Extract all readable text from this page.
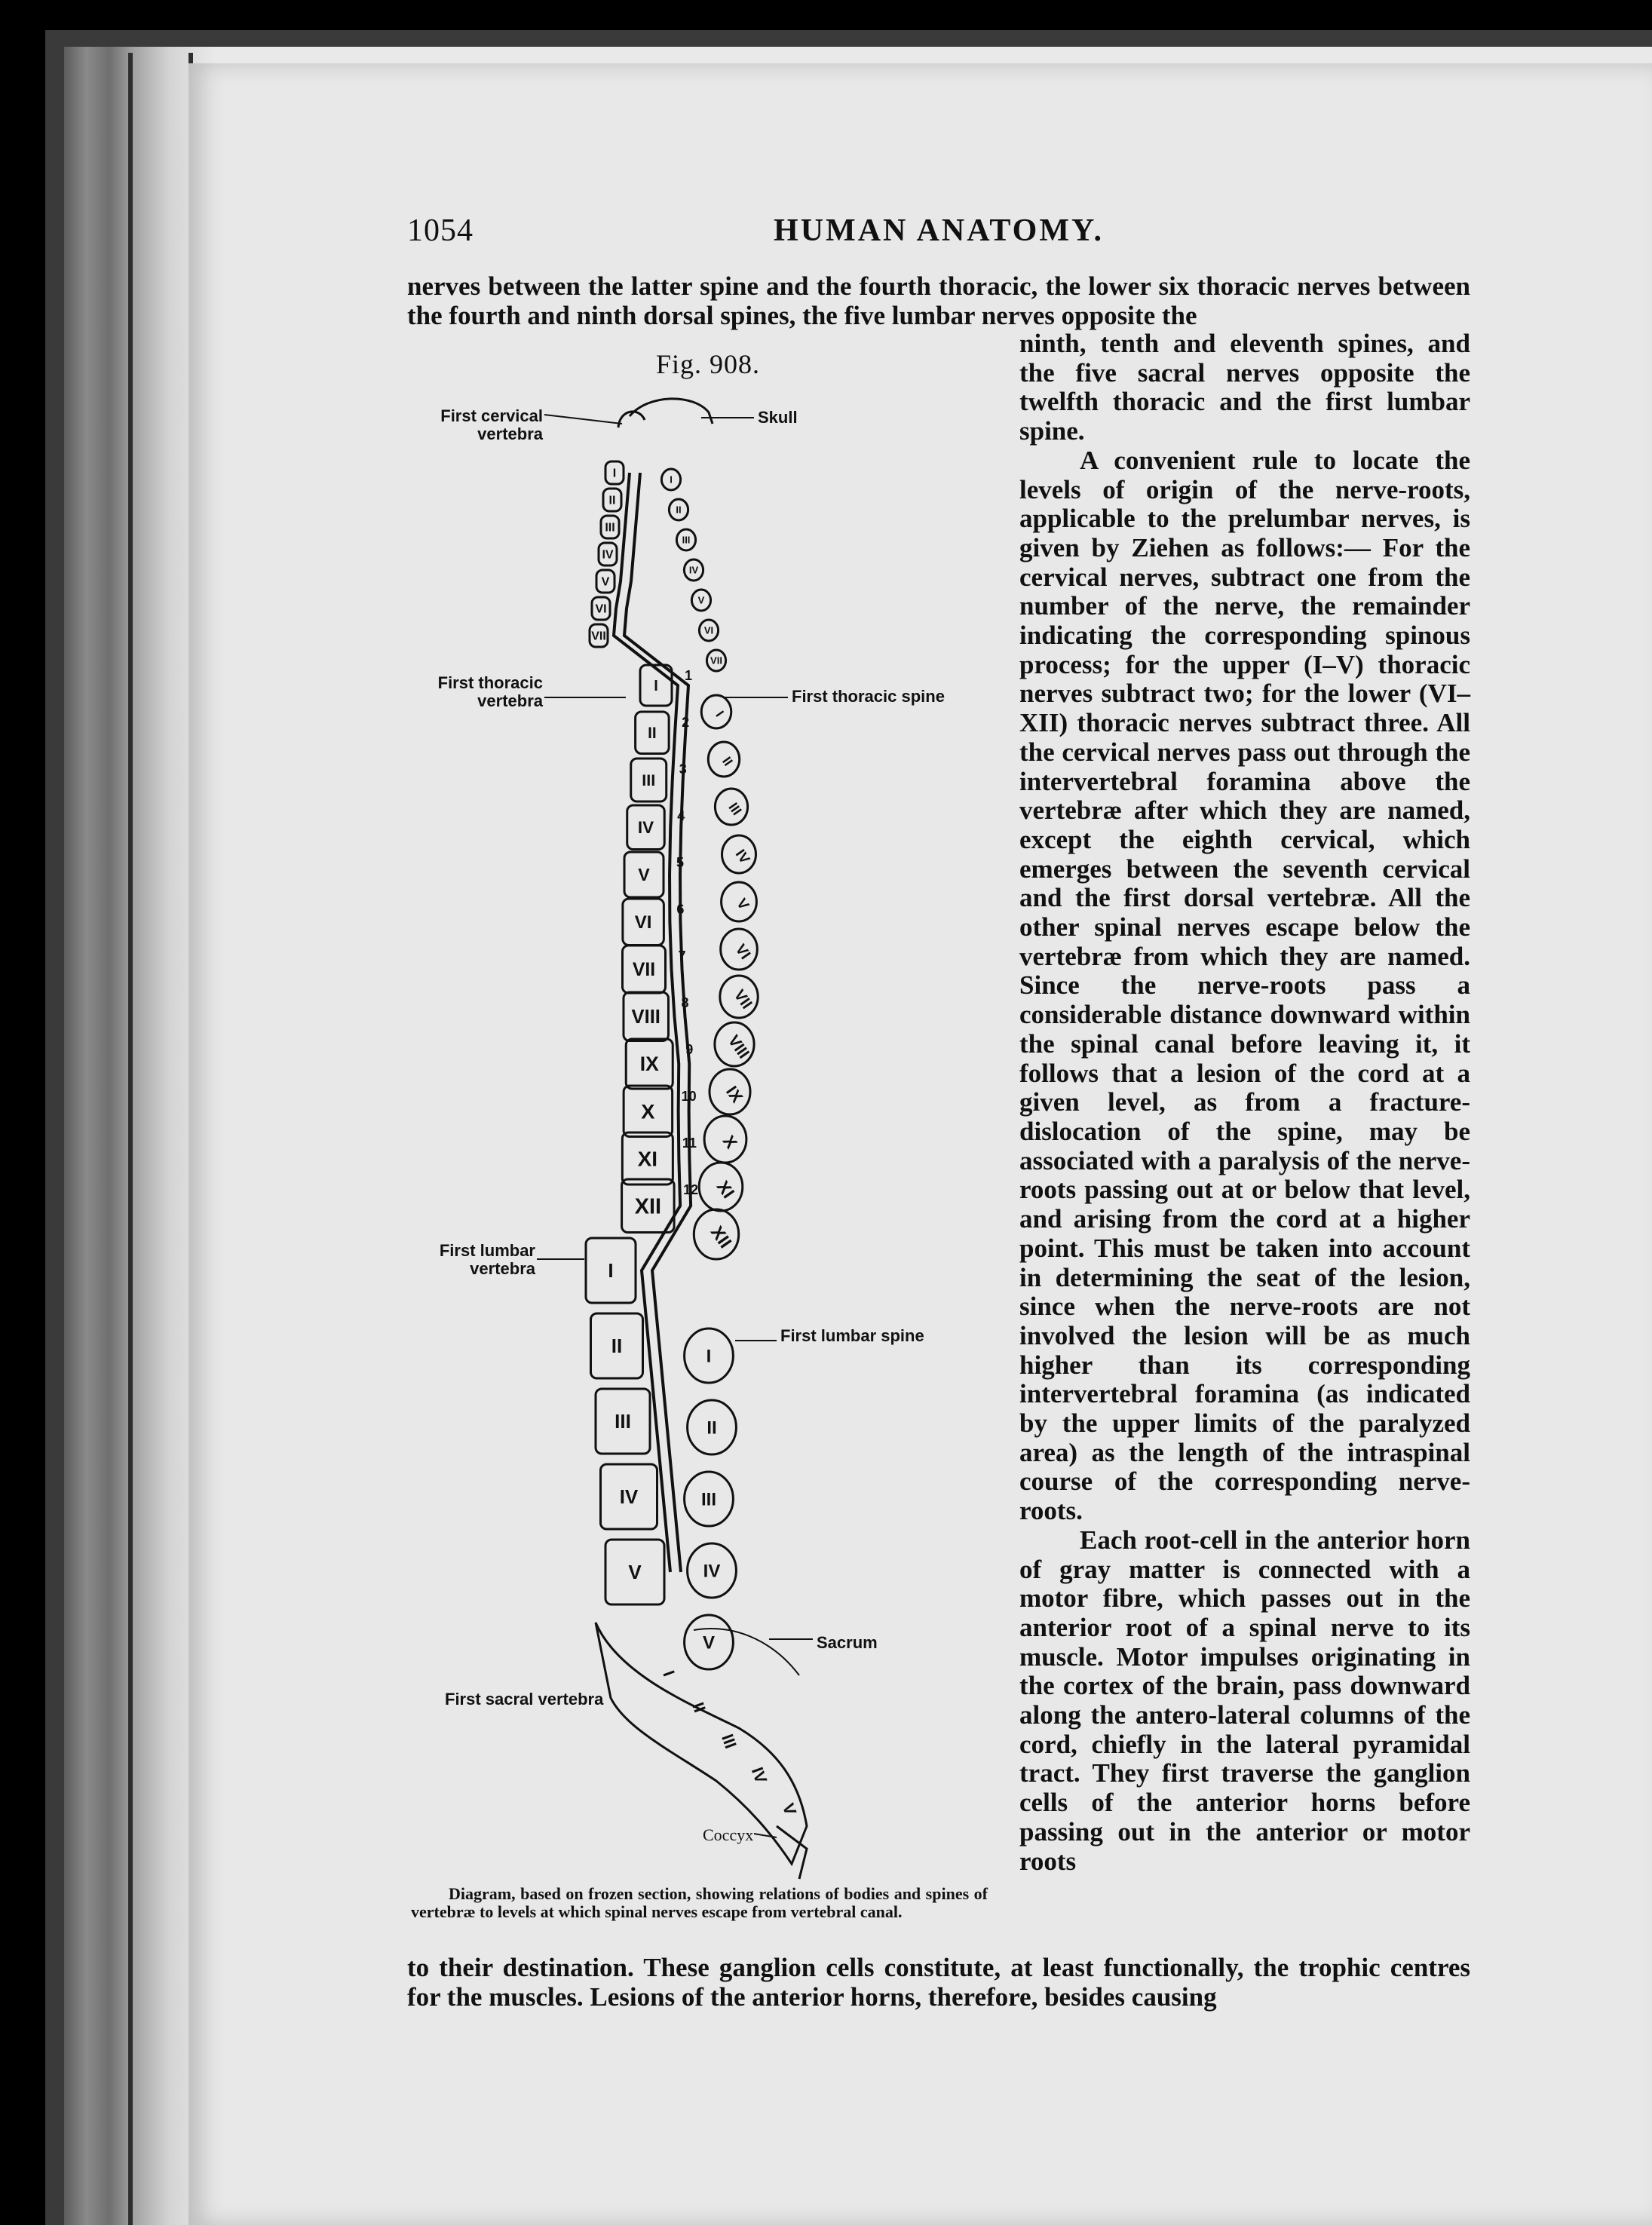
1054	HUMAN ANATOMY.
nerves between the latter spine and the fourth thoracic, the lower six thoracic nerves between the fourth and ninth dorsal spines, the five lumbar nerves opposite the

ninth, tenth and eleventh spines, and the five sacral nerves opposite the twelfth thoracic and the first lumbar spine.

A convenient rule to locate the levels of origin of the nerve-roots, applicable to the prelumbar nerves, is given by Ziehen as follows:— For the cervical nerves, subtract one from the number of the nerve, the remainder indicating the corresponding spinous process; for the upper (I–V) thoracic nerves subtract two; for the lower (VI–XII) thoracic nerves subtract three. All the cervical nerves pass out through the intervertebral foramina above the vertebræ after which they are named, except the eighth cervical, which emerges between the seventh cervical and the first dorsal vertebræ. All the other spinal nerves escape below the vertebræ from which they are named. Since the nerve-roots pass a considerable distance downward within the spinal canal before leaving it, it follows that a lesion of the cord at a given level, as from a fracture-dislocation of the spine, may be associated with a paralysis of the nerve-roots passing out at or below that level, and arising from the cord at a higher point. This must be taken into account in determining the seat of the lesion, since when the nerve-roots are not involved the lesion will be as much higher than its corresponding intervertebral foramina (as indicated by the upper limits of the paralyzed area) as the length of the intraspinal course of the corresponding nerve-roots.

Each root-cell in the anterior horn of gray matter is connected with a motor fibre, which passes out in the anterior root of a spinal nerve to its muscle. Motor impulses originating in the cortex of the brain, pass downward along the antero-lateral columns of the cord, chiefly in the lateral pyramidal tract. They first traverse the ganglion cells of the anterior horns before passing out in the anterior or motor roots

Fig. 908.
I
II
III
IV
V
VI
VII
I
II
III
IV
V
VI
VII
VIII
IX
X
XI
XII
I
II
III
IV
V
I
II
III
IV
V
VI
VII
I
II
III
IV
V
VI
VII
VIII
IX
X
XI
XII
I
II
III
IV
V
1
2
3
4
5
6
7
8
9
10
11
12
I
II
III
IV
V
First cervical
vertebra
Skull
First thoracic
vertebra	First thoracic spine
First lumbar
vertebra
First lumbar spine
Sacrum
First sacral vertebra
Coccyx
Diagram, based on frozen section, showing relations of bodies and spines of vertebræ to levels at which spinal nerves escape from vertebral canal.
to their destination. These ganglion cells constitute, at least functionally, the trophic centres for the muscles. Lesions of the anterior horns, therefore, besides causing
